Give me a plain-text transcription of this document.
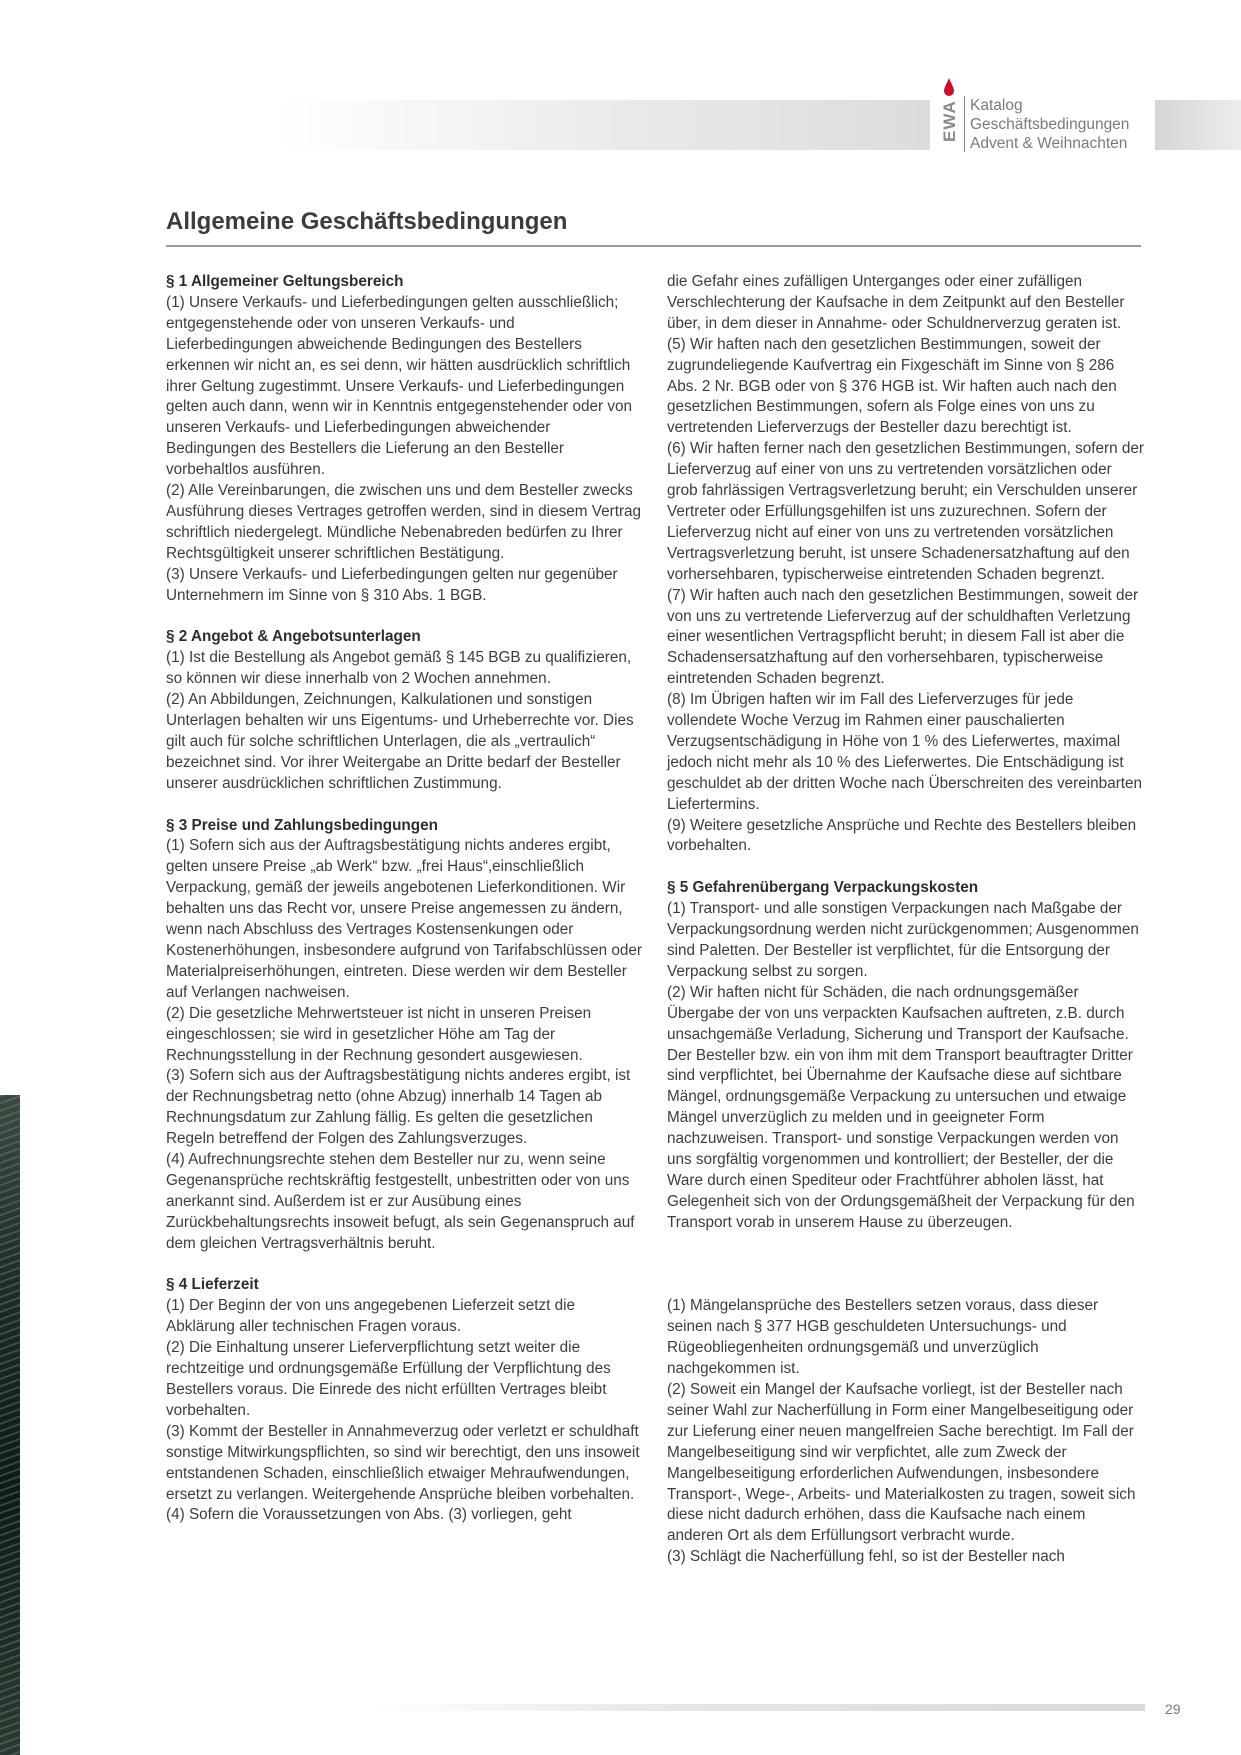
EWA Katalog
Geschäftsbedingungen
Advent & Weihnachten
Allgemeine Geschäftsbedingungen
§ 1 Allgemeiner Geltungsbereich

(1) Unsere Verkaufs- und Lieferbedingungen gelten ausschließlich; entgegenstehende oder von unseren Verkaufs- und Lieferbedingungen abweichende Bedingungen des Bestellers erkennen wir nicht an, es sei denn, wir hätten ausdrücklich schriftlich ihrer Geltung zugestimmt. Unsere Verkaufs- und Lieferbedingungen gelten auch dann, wenn wir in Kenntnis entgegenstehender oder von unseren Verkaufs- und Lieferbedingungen abweichender Bedingungen des Bestellers die Lieferung an den Besteller vorbehaltlos ausführen.

(2) Alle Vereinbarungen, die zwischen uns und dem Besteller zwecks Ausführung dieses Vertrages getroffen werden, sind in diesem Vertrag schriftlich niedergelegt. Mündliche Nebenabreden bedürfen zu Ihrer Rechtsgültigkeit unserer schriftlichen Bestätigung.

(3) Unsere Verkaufs- und Lieferbedingungen gelten nur gegenüber Unternehmern im Sinne von § 310 Abs. 1 BGB.

§ 2 Angebot & Angebotsunterlagen

(1) Ist die Bestellung als Angebot gemäß § 145 BGB zu qualifizieren, so können wir diese innerhalb von 2 Wochen annehmen.

(2) An Abbildungen, Zeichnungen, Kalkulationen und sonstigen Unterlagen behalten wir uns Eigentums- und Urheberrechte vor. Dies gilt auch für solche schriftlichen Unterlagen, die als „vertraulich“ bezeichnet sind. Vor ihrer Weitergabe an Dritte bedarf der Besteller unserer ausdrücklichen schriftlichen Zustimmung.

§ 3 Preise und Zahlungsbedingungen

(1) Sofern sich aus der Auftragsbestätigung nichts anderes ergibt, gelten unsere Preise „ab Werk“ bzw. „frei Haus“,einschließlich Verpackung, gemäß der jeweils angebotenen Lieferkonditionen. Wir behalten uns das Recht vor, unsere Preise angemessen zu ändern, wenn nach Abschluss des Vertrages Kostensenkungen oder Kostenerhöhungen, insbesondere aufgrund von Tarifabschlüssen oder Materialpreiserhöhungen, eintreten. Diese werden wir dem Besteller auf Verlangen nachweisen.

(2) Die gesetzliche Mehrwertsteuer ist nicht in unseren Preisen eingeschlossen; sie wird in gesetzlicher Höhe am Tag der Rechnungsstellung in der Rechnung gesondert ausgewiesen.

(3) Sofern sich aus der Auftragsbestätigung nichts anderes ergibt, ist der Rechnungsbetrag netto (ohne Abzug) innerhalb 14 Tagen ab Rechnungsdatum zur Zahlung fällig. Es gelten die gesetzlichen Regeln betreffend der Folgen des Zahlungsverzuges.

(4) Aufrechnungsrechte stehen dem Besteller nur zu, wenn seine Gegenansprüche rechtskräftig festgestellt, unbestritten oder von uns anerkannt sind. Außerdem ist er zur Ausübung eines Zurückbehaltungsrechts insoweit befugt, als sein Gegenanspruch auf dem gleichen Vertragsverhältnis beruht.

§ 4 Lieferzeit

(1) Der Beginn der von uns angegebenen Lieferzeit setzt die Abklärung aller technischen Fragen voraus.

(2) Die Einhaltung unserer Lieferverpflichtung setzt weiter die rechtzeitige und ordnungsgemäße Erfüllung der Verpflichtung des Bestellers voraus. Die Einrede des nicht erfüllten Vertrages bleibt vorbehalten.

(3) Kommt der Besteller in Annahmeverzug oder verletzt er schuldhaft sonstige Mitwirkungspflichten, so sind wir berechtigt, den uns insoweit entstandenen Schaden, einschließlich etwaiger Mehraufwendungen, ersetzt zu verlangen. Weitergehende Ansprüche bleiben vorbehalten.

(4) Sofern die Voraussetzungen von Abs. (3) vorliegen, geht

die Gefahr eines zufälligen Unterganges oder einer zufälligen Verschlechterung der Kaufsache in dem Zeitpunkt auf den Besteller über, in dem dieser in Annahme- oder Schuldnerverzug geraten ist.

(5) Wir haften nach den gesetzlichen Bestimmungen, soweit der zugrundeliegende Kaufvertrag ein Fixgeschäft im Sinne von § 286 Abs. 2 Nr. BGB oder von § 376 HGB ist. Wir haften auch nach den gesetzlichen Bestimmungen, sofern als Folge eines von uns zu vertretenden Lieferverzugs der Besteller dazu berechtigt ist.

(6) Wir haften ferner nach den gesetzlichen Bestimmungen, sofern der Lieferverzug auf einer von uns zu vertretenden vorsätzlichen oder grob fahrlässigen Vertragsverletzung beruht; ein Verschulden unserer Vertreter oder Erfüllungsgehilfen ist uns zuzurechnen. Sofern der Lieferverzug nicht auf einer von uns zu vertretenden vorsätzlichen Vertragsverletzung beruht, ist unsere Schadenersatzhaftung auf den vorhersehbaren, typischerweise eintretenden Schaden begrenzt.

(7) Wir haften auch nach den gesetzlichen Bestimmungen, soweit der von uns zu vertretende Lieferverzug auf der schuldhaften Verletzung einer wesentlichen Vertragspflicht beruht; in diesem Fall ist aber die Schadensersatzhaftung auf den vorhersehbaren, typischerweise eintretenden Schaden begrenzt.

(8) Im Übrigen haften wir im Fall des Lieferverzuges für jede vollendete Woche Verzug im Rahmen einer pauschalierten Verzugsentschädigung in Höhe von 1 % des Lieferwertes, maximal jedoch nicht mehr als 10 % des Lieferwertes. Die Entschädigung ist geschuldet ab der dritten Woche nach Überschreiten des vereinbarten Liefertermins.

(9) Weitere gesetzliche Ansprüche und Rechte des Bestellers bleiben vorbehalten.

§ 5 Gefahrenübergang Verpackungskosten

(1) Transport- und alle sonstigen Verpackungen nach Maßgabe der Verpackungsordnung werden nicht zurückgenommen; Ausgenommen sind Paletten. Der Besteller ist verpflichtet, für die Entsorgung der Verpackung selbst zu sorgen.

(2) Wir haften nicht für Schäden, die nach ordnungsgemäßer Übergabe der von uns verpackten Kaufsachen auftreten, z.B. durch unsachgemäße Verladung, Sicherung und Transport der Kaufsache. Der Besteller bzw. ein von ihm mit dem Transport beauftragter Dritter sind verpflichtet, bei Übernahme der Kaufsache diese auf sichtbare Mängel, ordnungsgemäße Verpackung zu untersuchen und etwaige Mängel unverzüglich zu melden und in geeigneter Form nachzuweisen. Transport- und sonstige Verpackungen werden von uns sorgfältig vorgenommen und kontrolliert; der Besteller, der die Ware durch einen Spediteur oder Frachtführer abholen lässt, hat Gelegenheit sich von der Ordungsgemäßheit der Verpackung für den Transport vorab in unserem Hause zu überzeugen.

(1) Mängelansprüche des Bestellers setzen voraus, dass dieser seinen nach § 377 HGB geschuldeten Untersuchungs- und Rügeobliegenheiten ordnungsgemäß und unverzüglich nachgekommen ist.

(2) Soweit ein Mangel der Kaufsache vorliegt, ist der Besteller nach seiner Wahl zur Nacherfüllung in Form einer Mangelbeseitigung oder zur Lieferung einer neuen mangelfreien Sache berechtigt. Im Fall der Mangelbeseitigung sind wir verpfichtet, alle zum Zweck der Mangelbeseitigung erforderlichen Aufwendungen, insbesondere Transport-, Wege-, Arbeits- und Materialkosten zu tragen, soweit sich diese nicht dadurch erhöhen, dass die Kaufsache nach einem anderen Ort als dem Erfüllungsort verbracht wurde.

(3) Schlägt die Nacherfüllung fehl, so ist der Besteller nach

29
